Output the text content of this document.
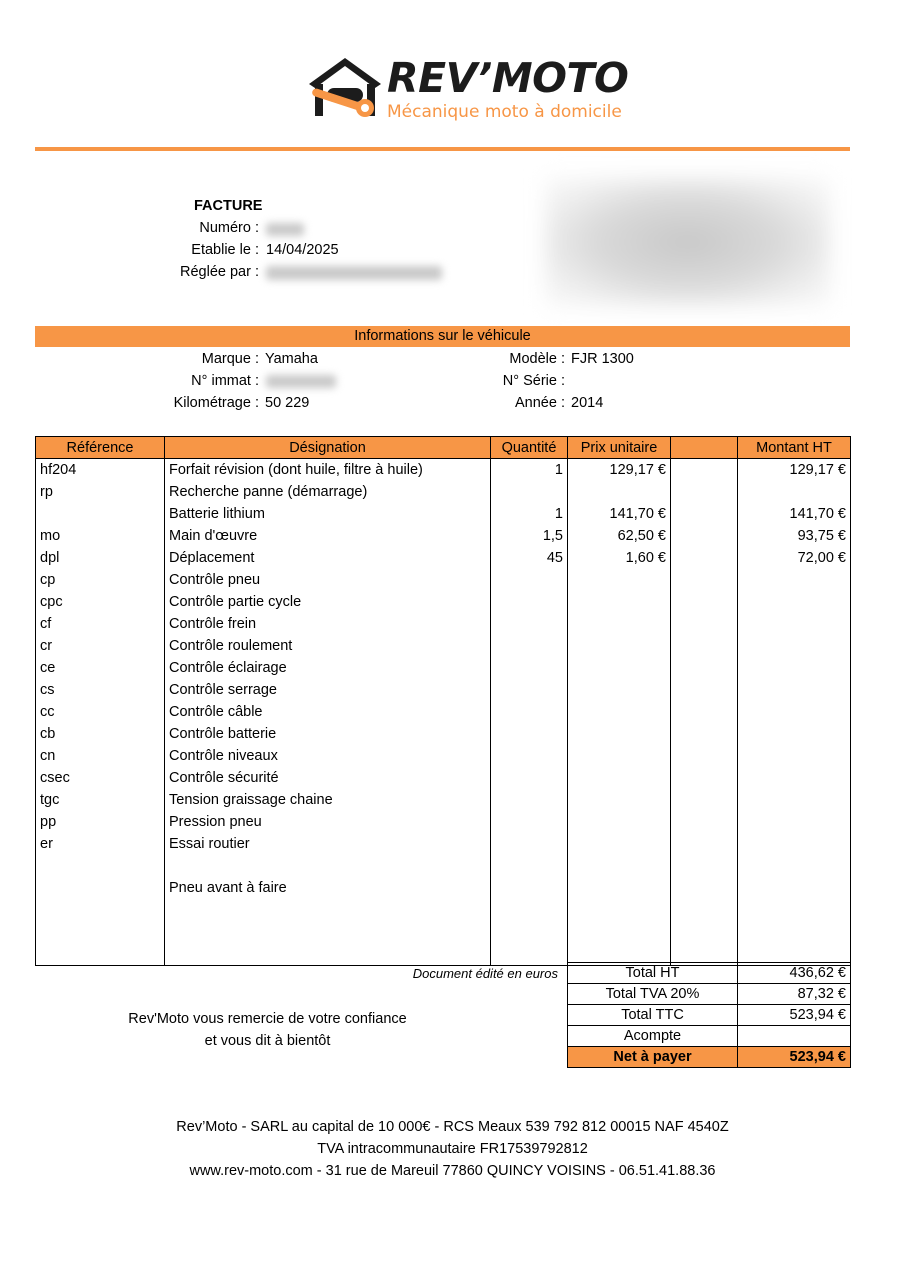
REV’MOTO
Mécanique moto à domicile
FACTURE
Numéro :
Etablie le : 14/04/2025
Réglée par :
Informations sur le véhicule
Marque : Yamaha
N° immat :
Kilométrage : 50 229
Modèle : FJR 1300
N° Série :
Année : 2014
Référence	Désignation	Quantité	Prix unitaire		Montant HT
hf204	Forfait révision (dont huile, filtre à huile)	1	129,17 €		129,17 €
rp	Recherche panne (démarrage)				
	Batterie lithium	1	141,70 €		141,70 €
mo	Main d'œuvre	1,5	62,50 €		93,75 €
dpl	Déplacement	45	1,60 €		72,00 €
cp	Contrôle pneu				
cpc	Contrôle partie cycle				
cf	Contrôle frein				
cr	Contrôle roulement				
ce	Contrôle éclairage				
cs	Contrôle serrage				
cc	Contrôle câble				
cb	Contrôle batterie				
cn	Contrôle niveaux				
csec	Contrôle sécurité				
tgc	Tension graissage chaine				
pp	Pression pneu				
er	Essai routier				

	Pneu avant à faire				

Document édité en euros	Total HT	436,62 €
Total TVA 20%	87,32 €
Total TTC	523,94 €
Acompte	
Net à payer	523,94 €
Rev'Moto vous remercie de votre confiance
et vous dit à bientôt
Rev’Moto - SARL au capital de 10 000€ - RCS Meaux 539 792 812 00015 NAF 4540Z
TVA intracommunautaire FR17539792812
www.rev-moto.com - 31 rue de Mareuil 77860 QUINCY VOISINS - 06.51.41.88.36
